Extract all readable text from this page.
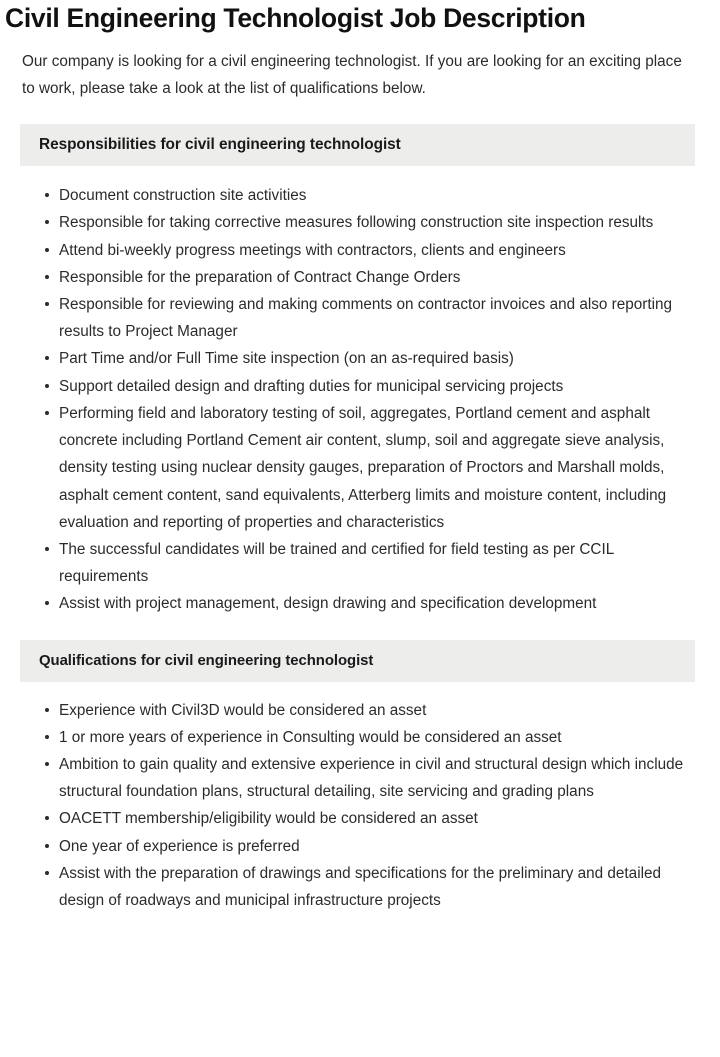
Civil Engineering Technologist Job Description

Our company is looking for a civil engineering technologist. If you are looking for an exciting place to work, please take a look at the list of qualifications below.

Responsibilities for civil engineering technologist
Document construction site activities
Responsible for taking corrective measures following construction site inspection results
Attend bi-weekly progress meetings with contractors, clients and engineers
Responsible for the preparation of Contract Change Orders
Responsible for reviewing and making comments on contractor invoices and also reporting results to Project Manager
Part Time and/or Full Time site inspection (on an as-required basis)
Support detailed design and drafting duties for municipal servicing projects
Performing field and laboratory testing of soil, aggregates, Portland cement and asphalt concrete including Portland Cement air content, slump, soil and aggregate sieve analysis, density testing using nuclear density gauges, preparation of Proctors and Marshall molds, asphalt cement content, sand equivalents, Atterberg limits and moisture content, including evaluation and reporting of properties and characteristics
The successful candidates will be trained and certified for field testing as per CCIL requirements
Assist with project management, design drawing and specification development
Qualifications for civil engineering technologist
Experience with Civil3D would be considered an asset
1 or more years of experience in Consulting would be considered an asset
Ambition to gain quality and extensive experience in civil and structural design which include structural foundation plans, structural detailing, site servicing and grading plans
OACETT membership/eligibility would be considered an asset
One year of experience is preferred
Assist with the preparation of drawings and specifications for the preliminary and detailed design of roadways and municipal infrastructure projects
